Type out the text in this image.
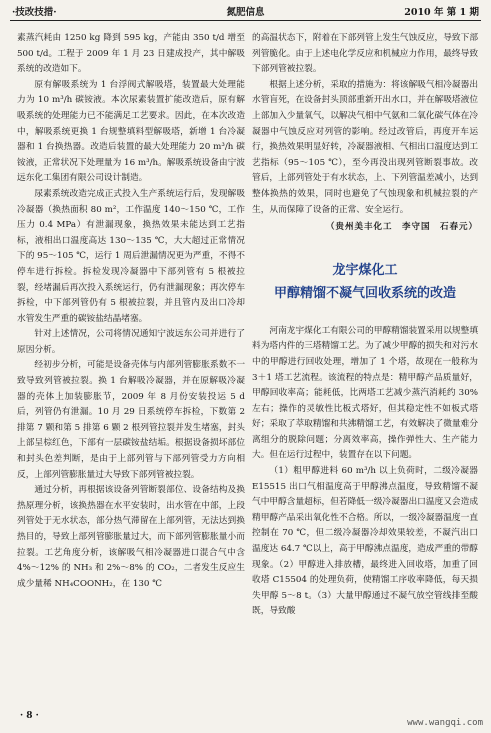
·技改技措·	氮肥信息	2010 年 第 1 期

素蒸汽耗由 1250 kg 降到 595 kg，产能由 350 t/d 增至 500 t/d。工程于 2009 年 1 月 23 日建成投产，其中解吸系统的改造如下。

原有解吸系统为 1 台浮阀式解吸塔，装置最大处理能力为 10 m³/h 碳铵液。本次尿素装置扩能改造后，原有解吸系统的处理能力已不能满足工艺要求。因此，在本次改造中，解吸系统更换 1 台规整填料型解吸塔，新增 1 台冷凝器和 1 台换热器。改造后装置的最大处理能力 20 m³/h 碳铵液，正常状况下处理量为 16 m³/h。解吸系统设备由宁波远东化工集团有限公司设计制造。

尿素系统改造完成正式投入生产系统运行后，发现解吸冷凝器（换热面积 80 m²，工作温度 140～150 ℃，工作压力 0.4 MPa）有泄漏现象，换热效果未能达到工艺指标，液相出口温度高达 130～135 ℃，大大超过正常情况下的 95～105 ℃，运行 1 周后泄漏情况更为严重，不得不停车进行拆检。拆检发现冷凝器中下部列管有 5 根被拉裂，经堵漏后再次投入系统运行，仍有泄漏现象；再次停车拆检，中下部列管仍有 5 根被拉裂，并且管内及出口冷却水管发生严重的碳铵盐结晶堵塞。

针对上述情况，公司将情况通知宁波远东公司并进行了原因分析。

经初步分析，可能是设备壳体与内部列管膨胀系数不一致导致列管被拉裂。换 1 台解吸冷凝器，并在原解吸冷凝器的壳体上加装膨胀节，2009 年 8 月份安装投运 5 d 后，列管仍有泄漏。10 月 29 日系统停车拆检，下数第 2 排第 7 颗和第 5 排第 6 颗 2 根列管拉裂并发生堵塞，封头上部呈棕红色，下部有一层碳铵盐结垢。根据设备损坏部位和封头色差判断，是由于上部列管与下部列管受力方向相反，上部列管膨胀量过大导致下部列管被拉裂。

通过分析，再根据该设备列管断裂部位、设备结构及换热原理分析，该换热器在水平安装时，出水管在中部，上段列管处于无水状态，部分热气滞留在上部列管，无法达到换热目的，导致上部列管膨胀量过大，而下部列管膨胀量小而拉裂。工艺角度分析，该解吸气相冷凝器进口混合气中含 4%～12% 的 NH₃ 和 2%～8% 的 CO₂，二者发生反应生成少量稀 NH₄COONH₂，在 130 ℃

的高温状态下，附着在下部列管上发生气蚀反应，导致下部列管脆化。由于上述电化学反应和机械应力作用，最终导致下部列管被拉裂。

根据上述分析，采取的措施为：将该解吸气相冷凝器出水管盲死，在设备封头顶部重新开出水口，并在解吸塔液位上部加入少量氧气，以解决气相中气氨和二氧化碳气体在冷凝器中气蚀反应对列管的影响。经过改管后，再度开车运行，换热效果明显好转，冷凝器液相、气相出口温度达到工艺指标（95～105 ℃），至今再没出现列管断裂事故。改管后，上部列管处于有水状态，上、下列管温差减小，达到整体换热的效果，同时也避免了气蚀现象和机械拉裂的产生，从而保障了设备的正常、安全运行。

（贵州美丰化工　李守国　石春元）
龙宇煤化工
甲醇精馏不凝气回收系统的改造

河南龙宇煤化工有限公司的甲醇精馏装置采用以规整填料为塔内件的三塔精馏工艺。为了减少甲醇的损失和对污水中的甲醇进行回收处理，增加了 1 个塔，故现在一般称为 3＋1 塔工艺流程。该流程的特点是：精甲醇产品质量好，甲醇回收率高；能耗低，比两塔工艺减少蒸汽消耗约 30% 左右；操作的灵敏性比板式塔好，但其稳定性不如板式塔好；采取了萃取精馏和共沸精馏工艺，有效解决了微量难分离组分的脱除问题；分离效率高，操作弹性大、生产能力大。但在运行过程中，装置存在以下问题。

（1）粗甲醇进料 60 m³/h 以上负荷时，二级冷凝器 E15515 出口气相温度高于甲醇沸点温度，导致精馏不凝气中甲醇含量超标，但若降低一级冷凝器出口温度又会造成精甲醇产品采出氧化性不合格。所以，一级冷凝器温度一直控制在 70 ℃，但二级冷凝器冷却效果较差，不凝汽出口温度达 64.7 ℃以上，高于甲醇沸点温度，造成严重的带醇现象。（2）甲醇进入排放槽，最终进入回收塔，加重了回收塔 C15504 的处理负荷，使精馏工序收率降低，每天损失甲醇 5～8 t。（3）大量甲醇通过不凝气放空管线排至酸既，导致酸

· 8 ·
www.wangqi.com
